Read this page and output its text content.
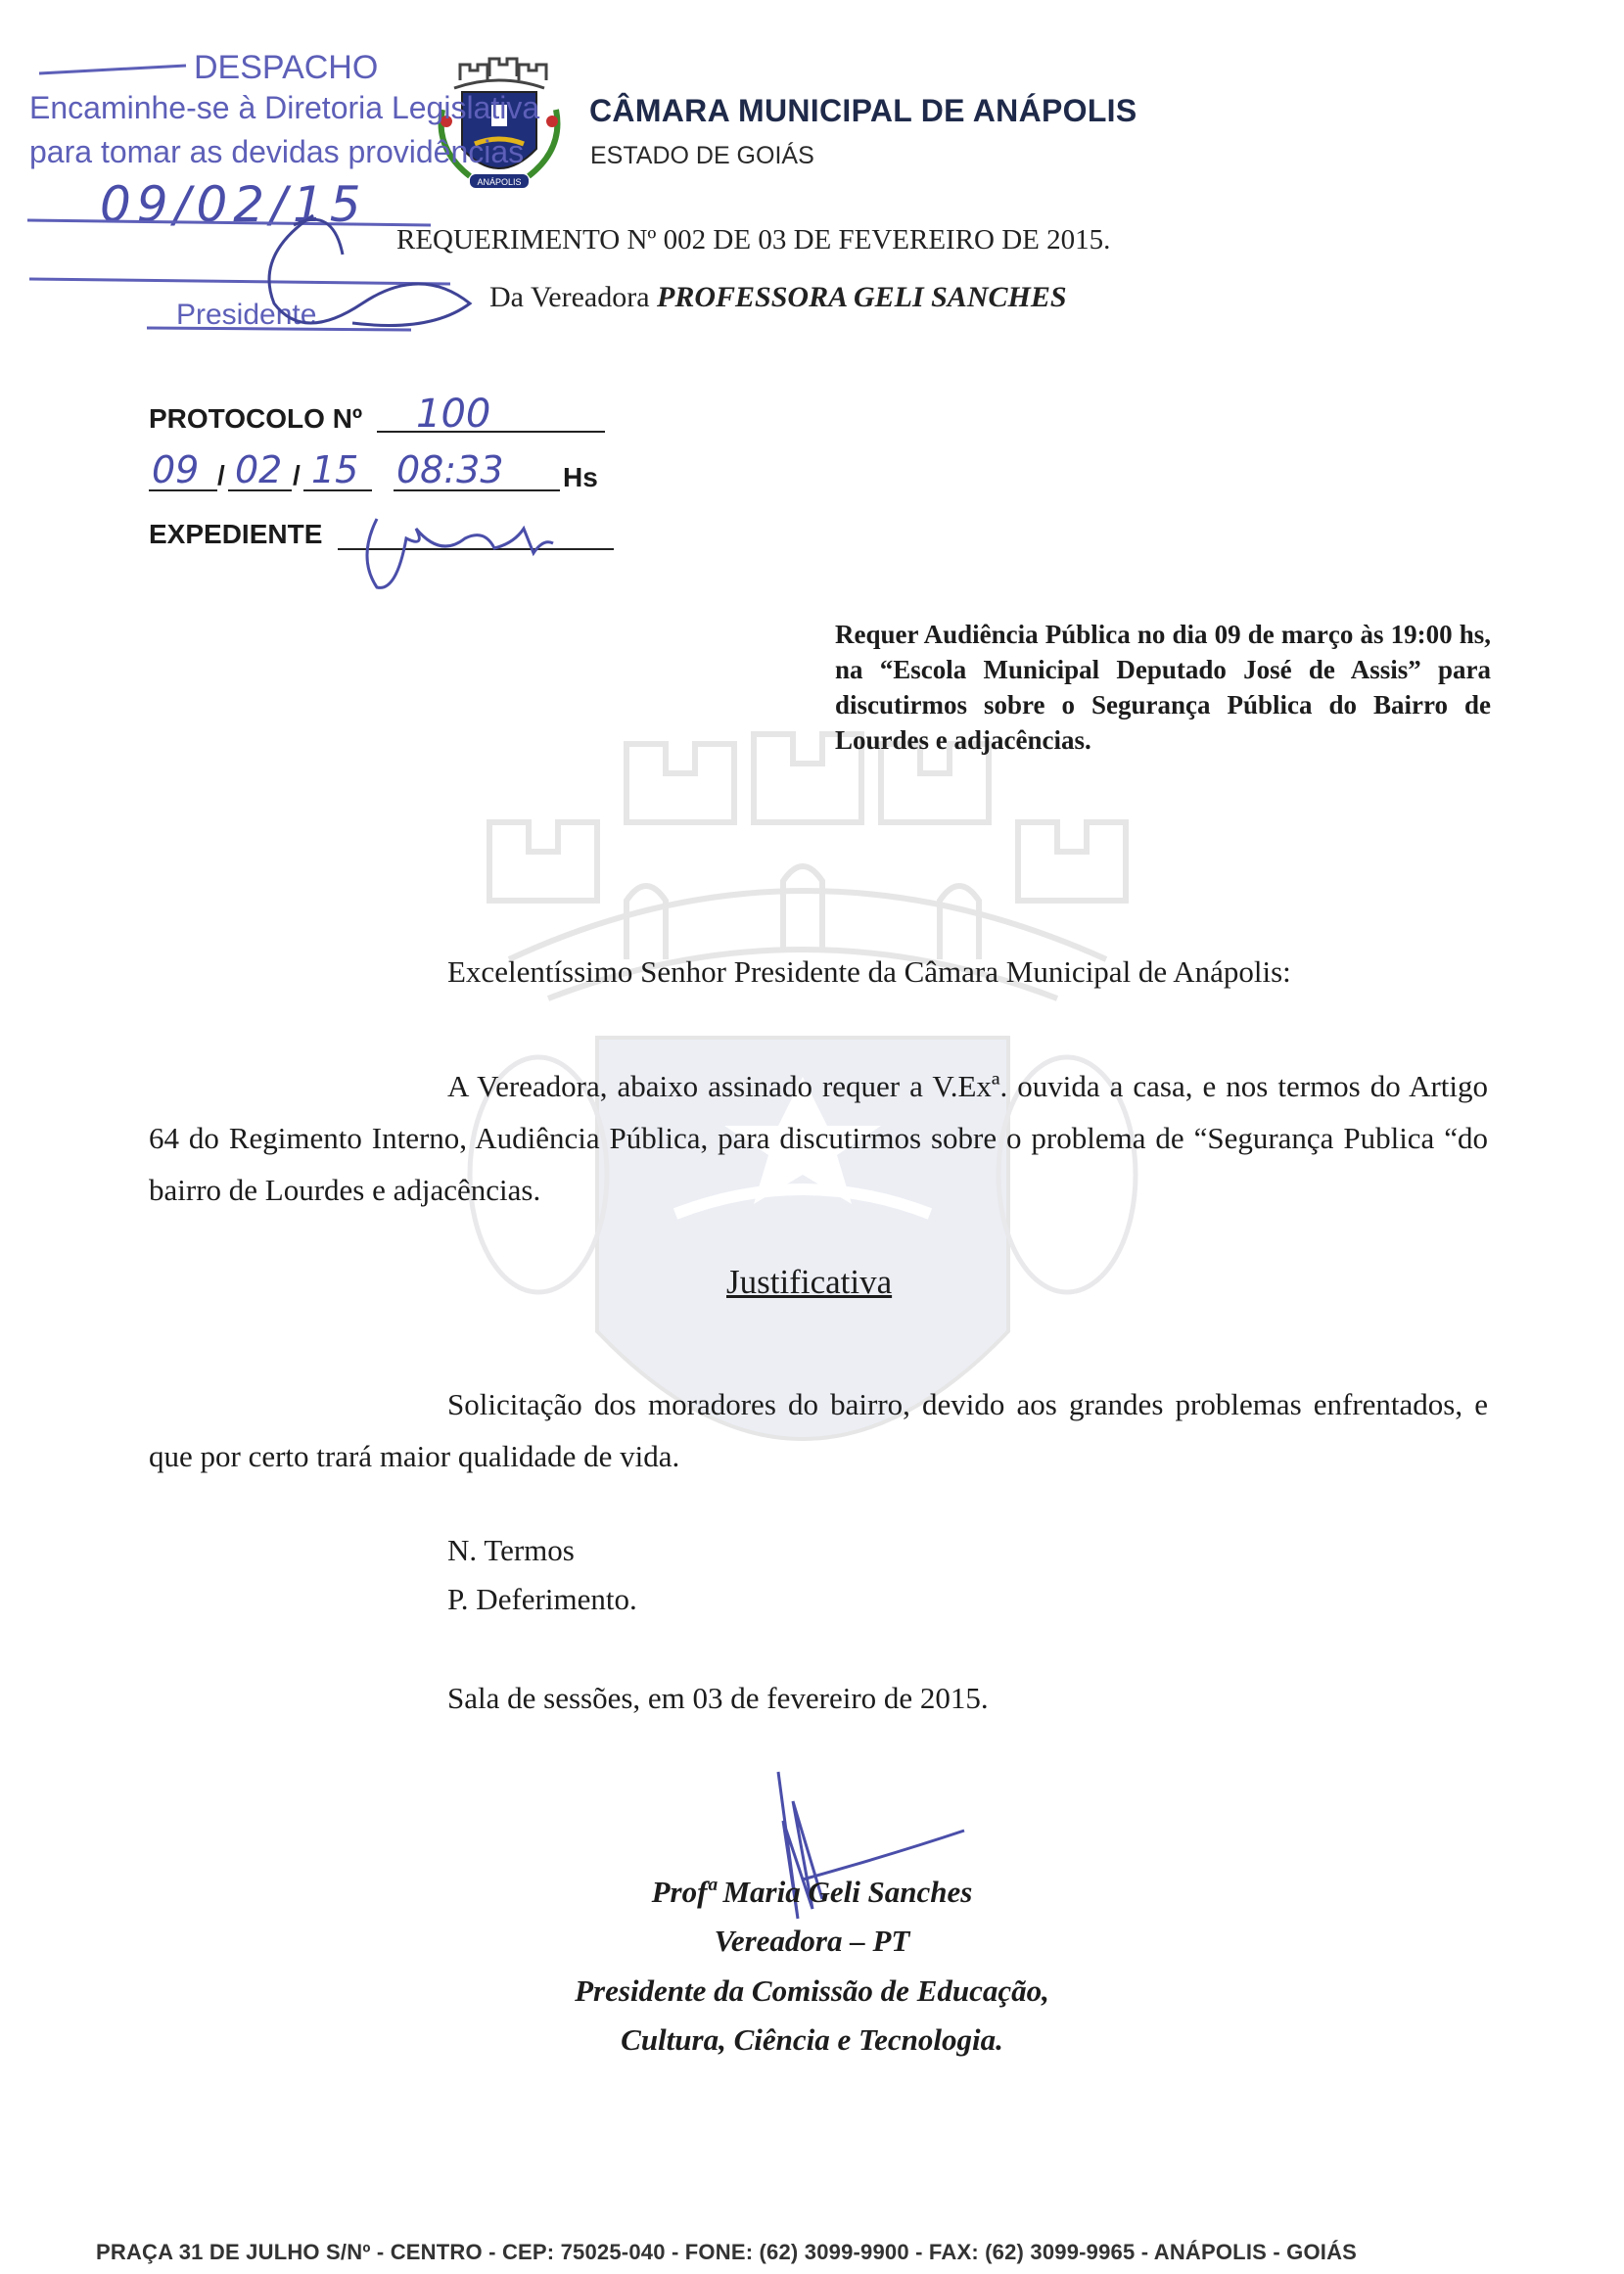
ANÁPOLIS
CÂMARA MUNICIPAL DE ANÁPOLIS
ESTADO DE GOIÁS
DESPACHO
Encaminhe-se à Diretoria Legislativa
para tomar as devidas providências
09/02/15
Presidente
REQUERIMENTO Nº 002 DE 03 DE FEVEREIRO DE 2015.
Da Vereadora PROFESSORA GELI SANCHES
PROTOCOLO Nº 100
09 / 02 / 15 08:33 Hs
EXPEDIENTE
Requer Audiência Pública no dia 09 de março às 19:00 hs, na “Escola Municipal Deputado José de Assis” para discutirmos sobre o Segurança Pública do Bairro de Lourdes e adjacências.
Excelentíssimo Senhor Presidente da Câmara Municipal de Anápolis:
A Vereadora, abaixo assinado requer a V.Exª. ouvida a casa, e nos termos do Artigo 64 do Regimento Interno, Audiência Pública, para discutirmos sobre o problema de “Segurança Publica “do bairro de Lourdes e adjacências.
Justificativa
Solicitação dos moradores do bairro, devido aos grandes problemas enfrentados, e que por certo trará maior qualidade de vida.
N. Termos
P. Deferimento.
Sala de sessões, em 03 de fevereiro de 2015.
Profª Maria Geli Sanches
Vereadora – PT
Presidente da Comissão de Educação,
Cultura, Ciência e Tecnologia.
PRAÇA 31 DE JULHO S/Nº - CENTRO - CEP: 75025-040 - FONE: (62) 3099-9900 - FAX: (62) 3099-9965 - ANÁPOLIS - GOIÁS
